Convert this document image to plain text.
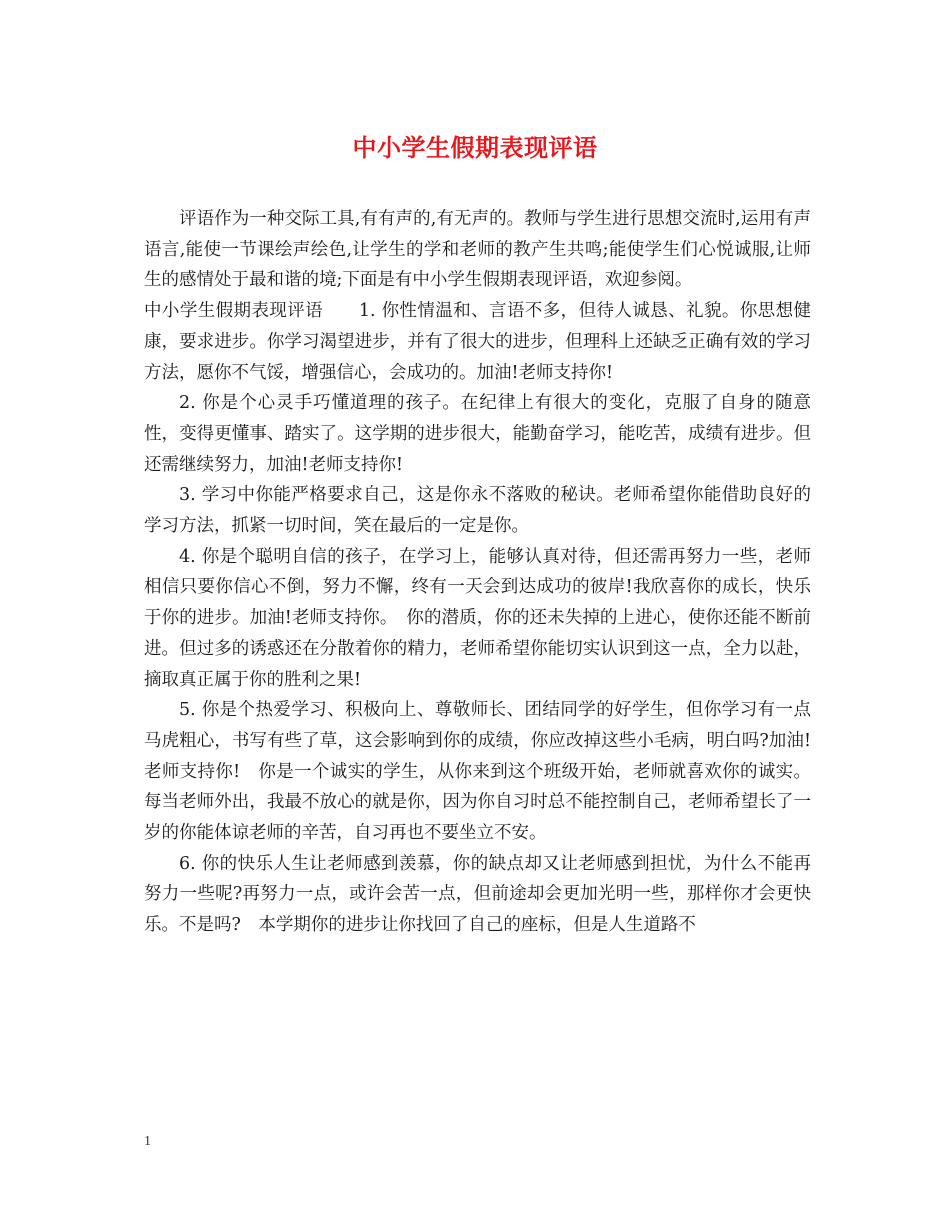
中小学生假期表现评语

评语作为一种交际工具,有有声的,有无声的。教师与学生进行思想交流时,运用有声语言,能使一节课绘声绘色,让学生的学和老师的教产生共鸣;能使学生们心悦诚服,让师生的感情处于最和谐的境;下面是有中小学生假期表现评语，欢迎参阅。

中小学生假期表现评语　　1. 你性情温和、言语不多，但待人诚恳、礼貌。你思想健康，要求进步。你学习渴望进步，并有了很大的进步，但理科上还缺乏正确有效的学习方法，愿你不气馁，增强信心，会成功的。加油!老师支持你!

2. 你是个心灵手巧懂道理的孩子。在纪律上有很大的变化，克服了自身的随意性，变得更懂事、踏实了。这学期的进步很大，能勤奋学习，能吃苦，成绩有进步。但还需继续努力，加油!老师支持你!

3. 学习中你能严格要求自己，这是你永不落败的秘诀。老师希望你能借助良好的学习方法，抓紧一切时间，笑在最后的一定是你。

4. 你是个聪明自信的孩子，在学习上，能够认真对待，但还需再努力一些，老师相信只要你信心不倒，努力不懈，终有一天会到达成功的彼岸!我欣喜你的成长，快乐于你的进步。加油!老师支持你。　你的潜质，你的还未失掉的上进心，使你还能不断前进。但过多的诱惑还在分散着你的精力，老师希望你能切实认识到这一点，全力以赴，摘取真正属于你的胜利之果!

5. 你是个热爱学习、积极向上、尊敬师长、团结同学的好学生，但你学习有一点马虎粗心，书写有些了草，这会影响到你的成绩，你应改掉这些小毛病，明白吗?加油!老师支持你!　你是一个诚实的学生，从你来到这个班级开始，老师就喜欢你的诚实。每当老师外出，我最不放心的就是你，因为你自习时总不能控制自己，老师希望长了一岁的你能体谅老师的辛苦，自习再也不要坐立不安。

6. 你的快乐人生让老师感到羡慕，你的缺点却又让老师感到担忧，为什么不能再努力一些呢?再努力一点，或许会苦一点，但前途却会更加光明一些，那样你才会更快乐。不是吗?　本学期你的进步让你找回了自己的座标，但是人生道路不

1
